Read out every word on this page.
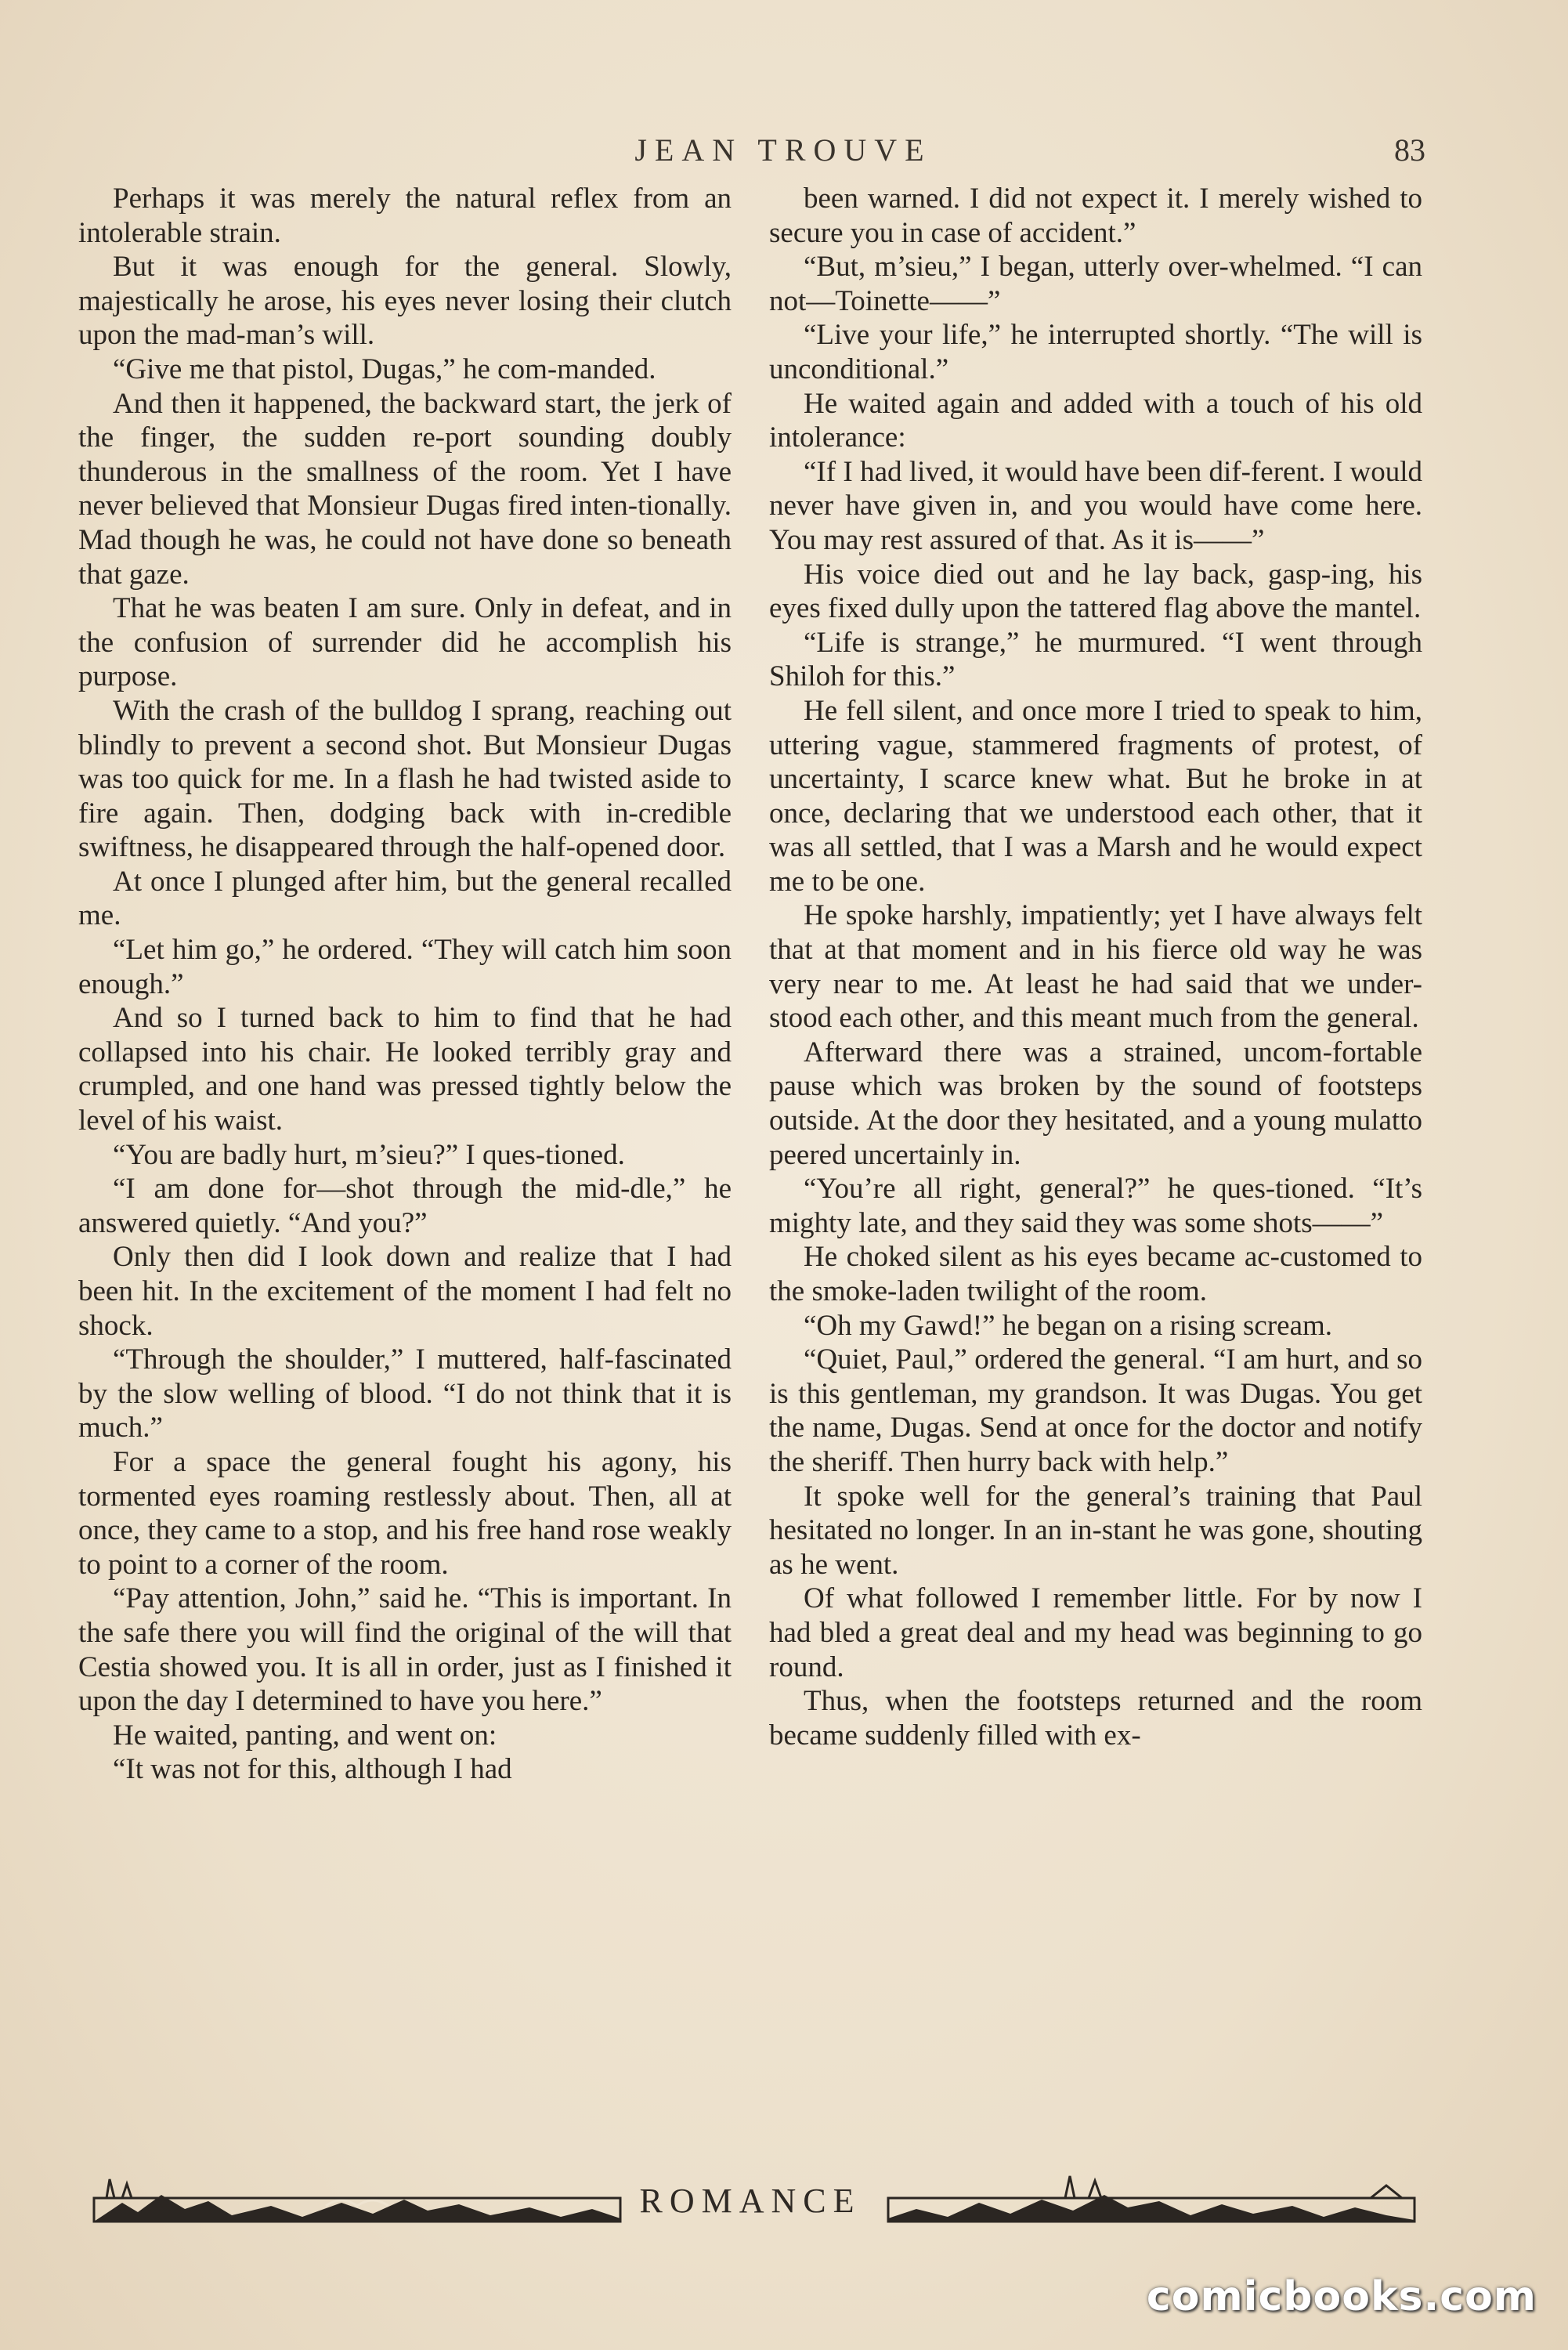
JEAN TROUVE	83

Perhaps it was merely the natural reflex from an intolerable strain.

But it was enough for the general. Slowly, majestically he arose, his eyes never losing their clutch upon the mad-man’s will.

“Give me that pistol, Dugas,” he com-manded.

And then it happened, the backward start, the jerk of the finger, the sudden re-port sounding doubly thunderous in the smallness of the room. Yet I have never believed that Monsieur Dugas fired inten-tionally. Mad though he was, he could not have done so beneath that gaze.

That he was beaten I am sure. Only in defeat, and in the confusion of surrender did he accomplish his purpose.

With the crash of the bulldog I sprang, reaching out blindly to prevent a second shot. But Monsieur Dugas was too quick for me. In a flash he had twisted aside to fire again. Then, dodging back with in-credible swiftness, he disappeared through the half-opened door.

At once I plunged after him, but the general recalled me.

“Let him go,” he ordered. “They will catch him soon enough.”

And so I turned back to him to find that he had collapsed into his chair. He looked terribly gray and crumpled, and one hand was pressed tightly below the level of his waist.

“You are badly hurt, m’sieu?” I ques-tioned.

“I am done for—shot through the mid-dle,” he answered quietly. “And you?”

Only then did I look down and realize that I had been hit. In the excitement of the moment I had felt no shock.

“Through the shoulder,” I muttered, half-fascinated by the slow welling of blood. “I do not think that it is much.”

For a space the general fought his agony, his tormented eyes roaming restlessly about. Then, all at once, they came to a stop, and his free hand rose weakly to point to a corner of the room.

“Pay attention, John,” said he. “This is important. In the safe there you will find the original of the will that Cestia showed you. It is all in order, just as I finished it upon the day I determined to have you here.”

He waited, panting, and went on:

“It was not for this, although I had

been warned. I did not expect it. I merely wished to secure you in case of accident.”

“But, m’sieu,” I began, utterly over-whelmed. “I can not—Toinette——”

“Live your life,” he interrupted shortly. “The will is unconditional.”

He waited again and added with a touch of his old intolerance:

“If I had lived, it would have been dif-ferent. I would never have given in, and you would have come here. You may rest assured of that. As it is——”

His voice died out and he lay back, gasp-ing, his eyes fixed dully upon the tattered flag above the mantel.

“Life is strange,” he murmured. “I went through Shiloh for this.”

He fell silent, and once more I tried to speak to him, uttering vague, stammered fragments of protest, of uncertainty, I scarce knew what. But he broke in at once, declaring that we understood each other, that it was all settled, that I was a Marsh and he would expect me to be one.

He spoke harshly, impatiently; yet I have always felt that at that moment and in his fierce old way he was very near to me. At least he had said that we under-stood each other, and this meant much from the general.

Afterward there was a strained, uncom-fortable pause which was broken by the sound of footsteps outside. At the door they hesitated, and a young mulatto peered uncertainly in.

“You’re all right, general?” he ques-tioned. “It’s mighty late, and they said they was some shots——”

He choked silent as his eyes became ac-customed to the smoke-laden twilight of the room.

“Oh my Gawd!” he began on a rising scream.

“Quiet, Paul,” ordered the general. “I am hurt, and so is this gentleman, my grandson. It was Dugas. You get the name, Dugas. Send at once for the doctor and notify the sheriff. Then hurry back with help.”

It spoke well for the general’s training that Paul hesitated no longer. In an in-stant he was gone, shouting as he went.

Of what followed I remember little. For by now I had bled a great deal and my head was beginning to go round.

Thus, when the footsteps returned and the room became suddenly filled with ex-

ROMANCE
comicbooks.com
